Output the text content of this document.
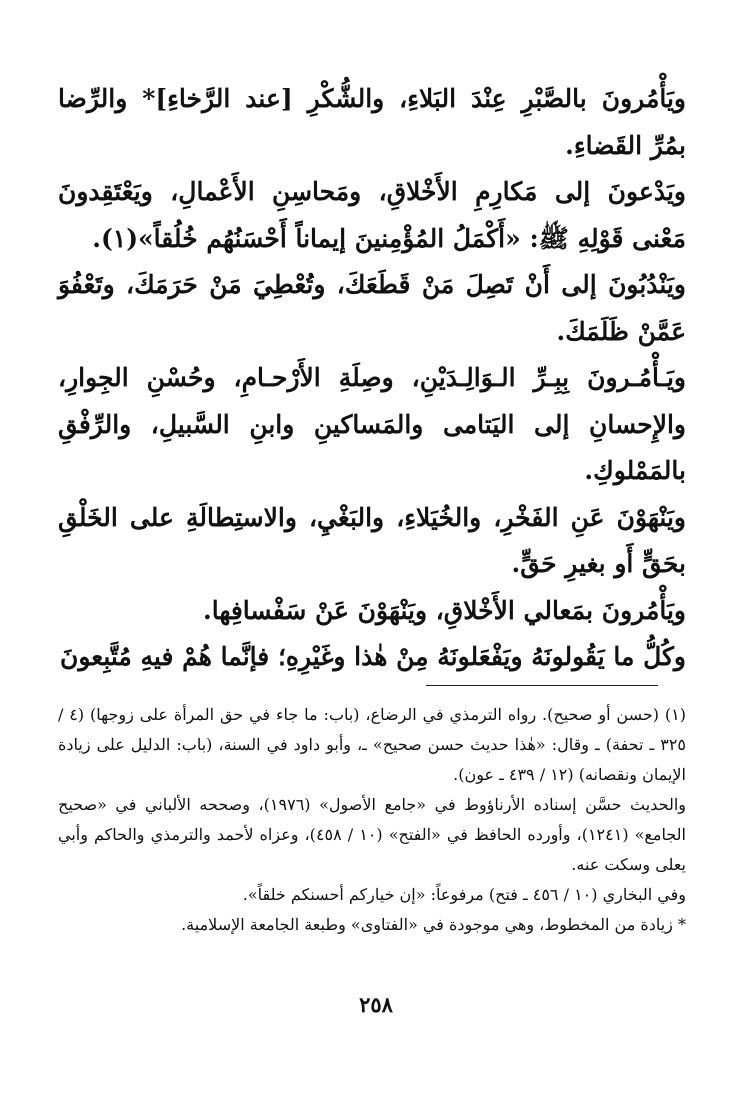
ويَأْمُرونَ بالصَّبْرِ عِنْدَ البَلاءِ، والشُّكْرِ [عند الرَّخاءِ]* والرِّضا بمُرِّ القَضاءِ.

ويَدْعونَ إلى مَكارِمِ الأَخْلاقِ، ومَحاسِنِ الأَعْمالِ، ويَعْتَقِدونَ مَعْنى قَوْلِهِ ﷺ: «أَكْمَلُ المُؤْمِنينَ إيماناً أَحْسَنُهُم خُلُقاً»(١).

ويَنْدُبُونَ إلى أَنْ تَصِلَ مَنْ قَطَعَكَ، وتُعْطِيَ مَنْ حَرَمَكَ، وتَعْفُوَ عَمَّنْ ظَلَمَكَ.

ويَـأْمُـرونَ بِبِـرِّ الـوَالِـدَيْنِ، وصِلَةِ الأَرْحـامِ، وحُسْنِ الجِوارِ، والإِحسانِ إلى اليَتامى والمَساكينِ وابنِ السَّبيلِ، والرِّفْقِ بالمَمْلوكِ.

ويَنْهَوْنَ عَنِ الفَخْرِ، والخُيَلاءِ، والبَغْيِ، والاستِطالَةِ على الخَلْقِ بحَقٍّ أَو بغيرِ حَقٍّ.

ويَأْمُرونَ بمَعالي الأَخْلاقِ، ويَنْهَوْنَ عَنْ سَفْسافِها.

وكُلُّ ما يَقُولونَهُ ويَفْعَلونَهُ مِنْ هٰذا وغَيْرِهِ؛ فإنَّما هُمْ فيهِ مُتَّبِعونَ

(١) (حسن أو صحيح). رواه الترمذي في الرضاع، (باب: ما جاء في حق المرأة على زوجها) (٤ / ٣٢٥ ـ تحفة) ـ وقال: «هٰذا حديث حسن صحيح» ـ، وأبو داود في السنة، (باب: الدليل على زيادة الإيمان ونقصانه) (١٢ / ٤٣٩ ـ عون).

والحديث حسَّن إسناده الأرناؤوط في «جامع الأصول» (١٩٧٦)، وصححه الألباني في «صحيح الجامع» (١٢٤١)، وأورده الحافظ في «الفتح» (١٠ / ٤٥٨)، وعزاه لأحمد والترمذي والحاكم وأبي يعلى وسكت عنه.

وفي البخاري (١٠ / ٤٥٦ ـ فتح) مرفوعاً: «إن خياركم أحسنكم خلقاً».

* زيادة من المخطوط، وهي موجودة في «الفتاوى» وطبعة الجامعة الإسلامية.

٢٥٨
